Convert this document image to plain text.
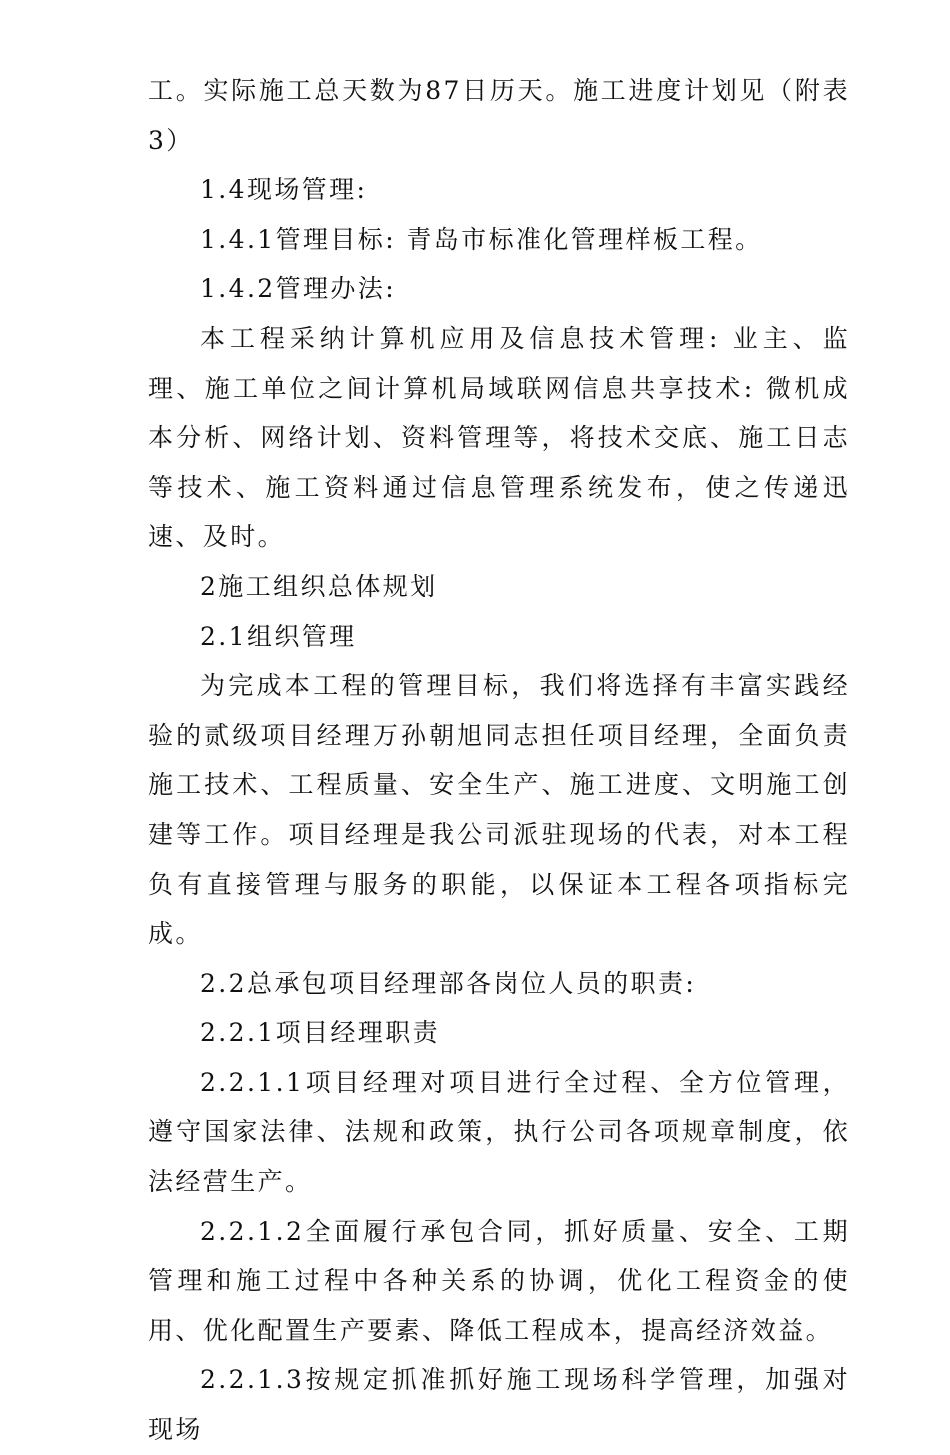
工。实际施工总天数为87日历天。施工进度计划见（附表3）

1.4现场管理:

1.4.1管理目标: 青岛市标准化管理样板工程。

1.4.2管理办法:

本工程采纳计算机应用及信息技术管理: 业主、监理、施工单位之间计算机局域联网信息共享技术: 微机成本分析、网络计划、资料管理等，将技术交底、施工日志等技术、施工资料通过信息管理系统发布，使之传递迅速、及时。

2施工组织总体规划

2.1组织管理

为完成本工程的管理目标，我们将选择有丰富实践经验的贰级项目经理万孙朝旭同志担任项目经理，全面负责施工技术、工程质量、安全生产、施工进度、文明施工创建等工作。项目经理是我公司派驻现场的代表，对本工程负有直接管理与服务的职能，以保证本工程各项指标完成。

2.2总承包项目经理部各岗位人员的职责:

2.2.1项目经理职责

2.2.1.1项目经理对项目进行全过程、全方位管理，遵守国家法律、法规和政策，执行公司各项规章制度，依法经营生产。

2.2.1.2全面履行承包合同，抓好质量、安全、工期管理和施工过程中各种关系的协调，优化工程资金的使用、优化配置生产要素、降低工程成本，提高经济效益。

2.2.1.3按规定抓准抓好施工现场科学管理，加强对现场
